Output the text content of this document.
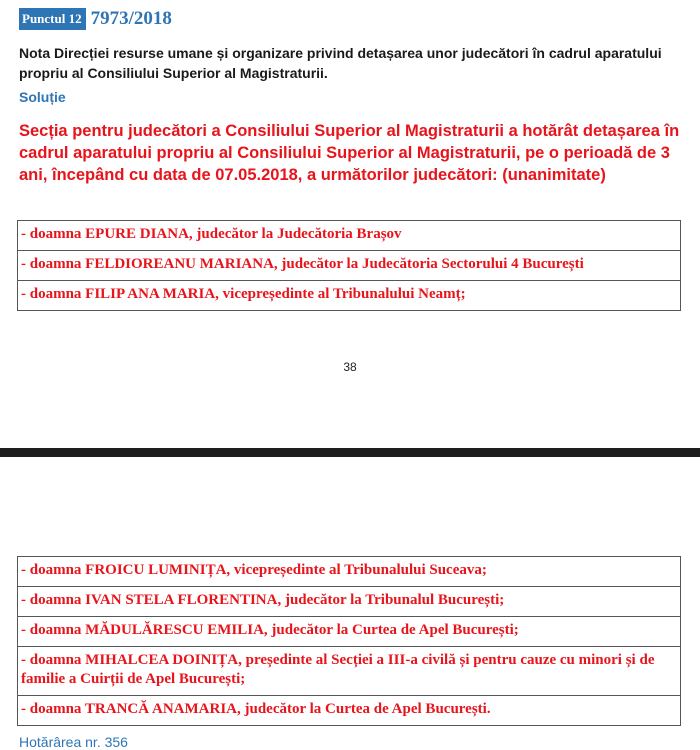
Punctul 12 7973/2018
Nota Direcției resurse umane și organizare privind detașarea unor judecători în cadrul aparatului propriu al Consiliului Superior al Magistraturii.
Soluție
Secția pentru judecători a Consiliului Superior al Magistraturii a hotărât detașarea în cadrul aparatului propriu al Consiliului Superior al Magistraturii, pe o perioadă de 3 ani, începând cu data de 07.05.2018, a următorilor judecători: (unanimitate)
- doamna EPURE DIANA, judecător la Judecătoria Brașov
- doamna FELDIOREANU MARIANA, judecător la Judecătoria Sectorului 4 București
- doamna FILIP ANA MARIA, vicepreședinte al Tribunalului Neamț;
38
- doamna FROICU LUMINIȚA, vicepreședinte al Tribunalului Suceava;
- doamna IVAN STELA FLORENTINA, judecător la Tribunalul București;
- doamna MĂDULĂRESCU EMILIA, judecător la Curtea de Apel București;
- doamna MIHALCEA DOINIȚA, președinte al Secției a III-a civilă și pentru cauze cu minori și de familie a Cuirții de Apel București;
- doamna TRANCĂ ANAMARIA, judecător la Curtea de Apel București.
Hotărârea nr. 356
